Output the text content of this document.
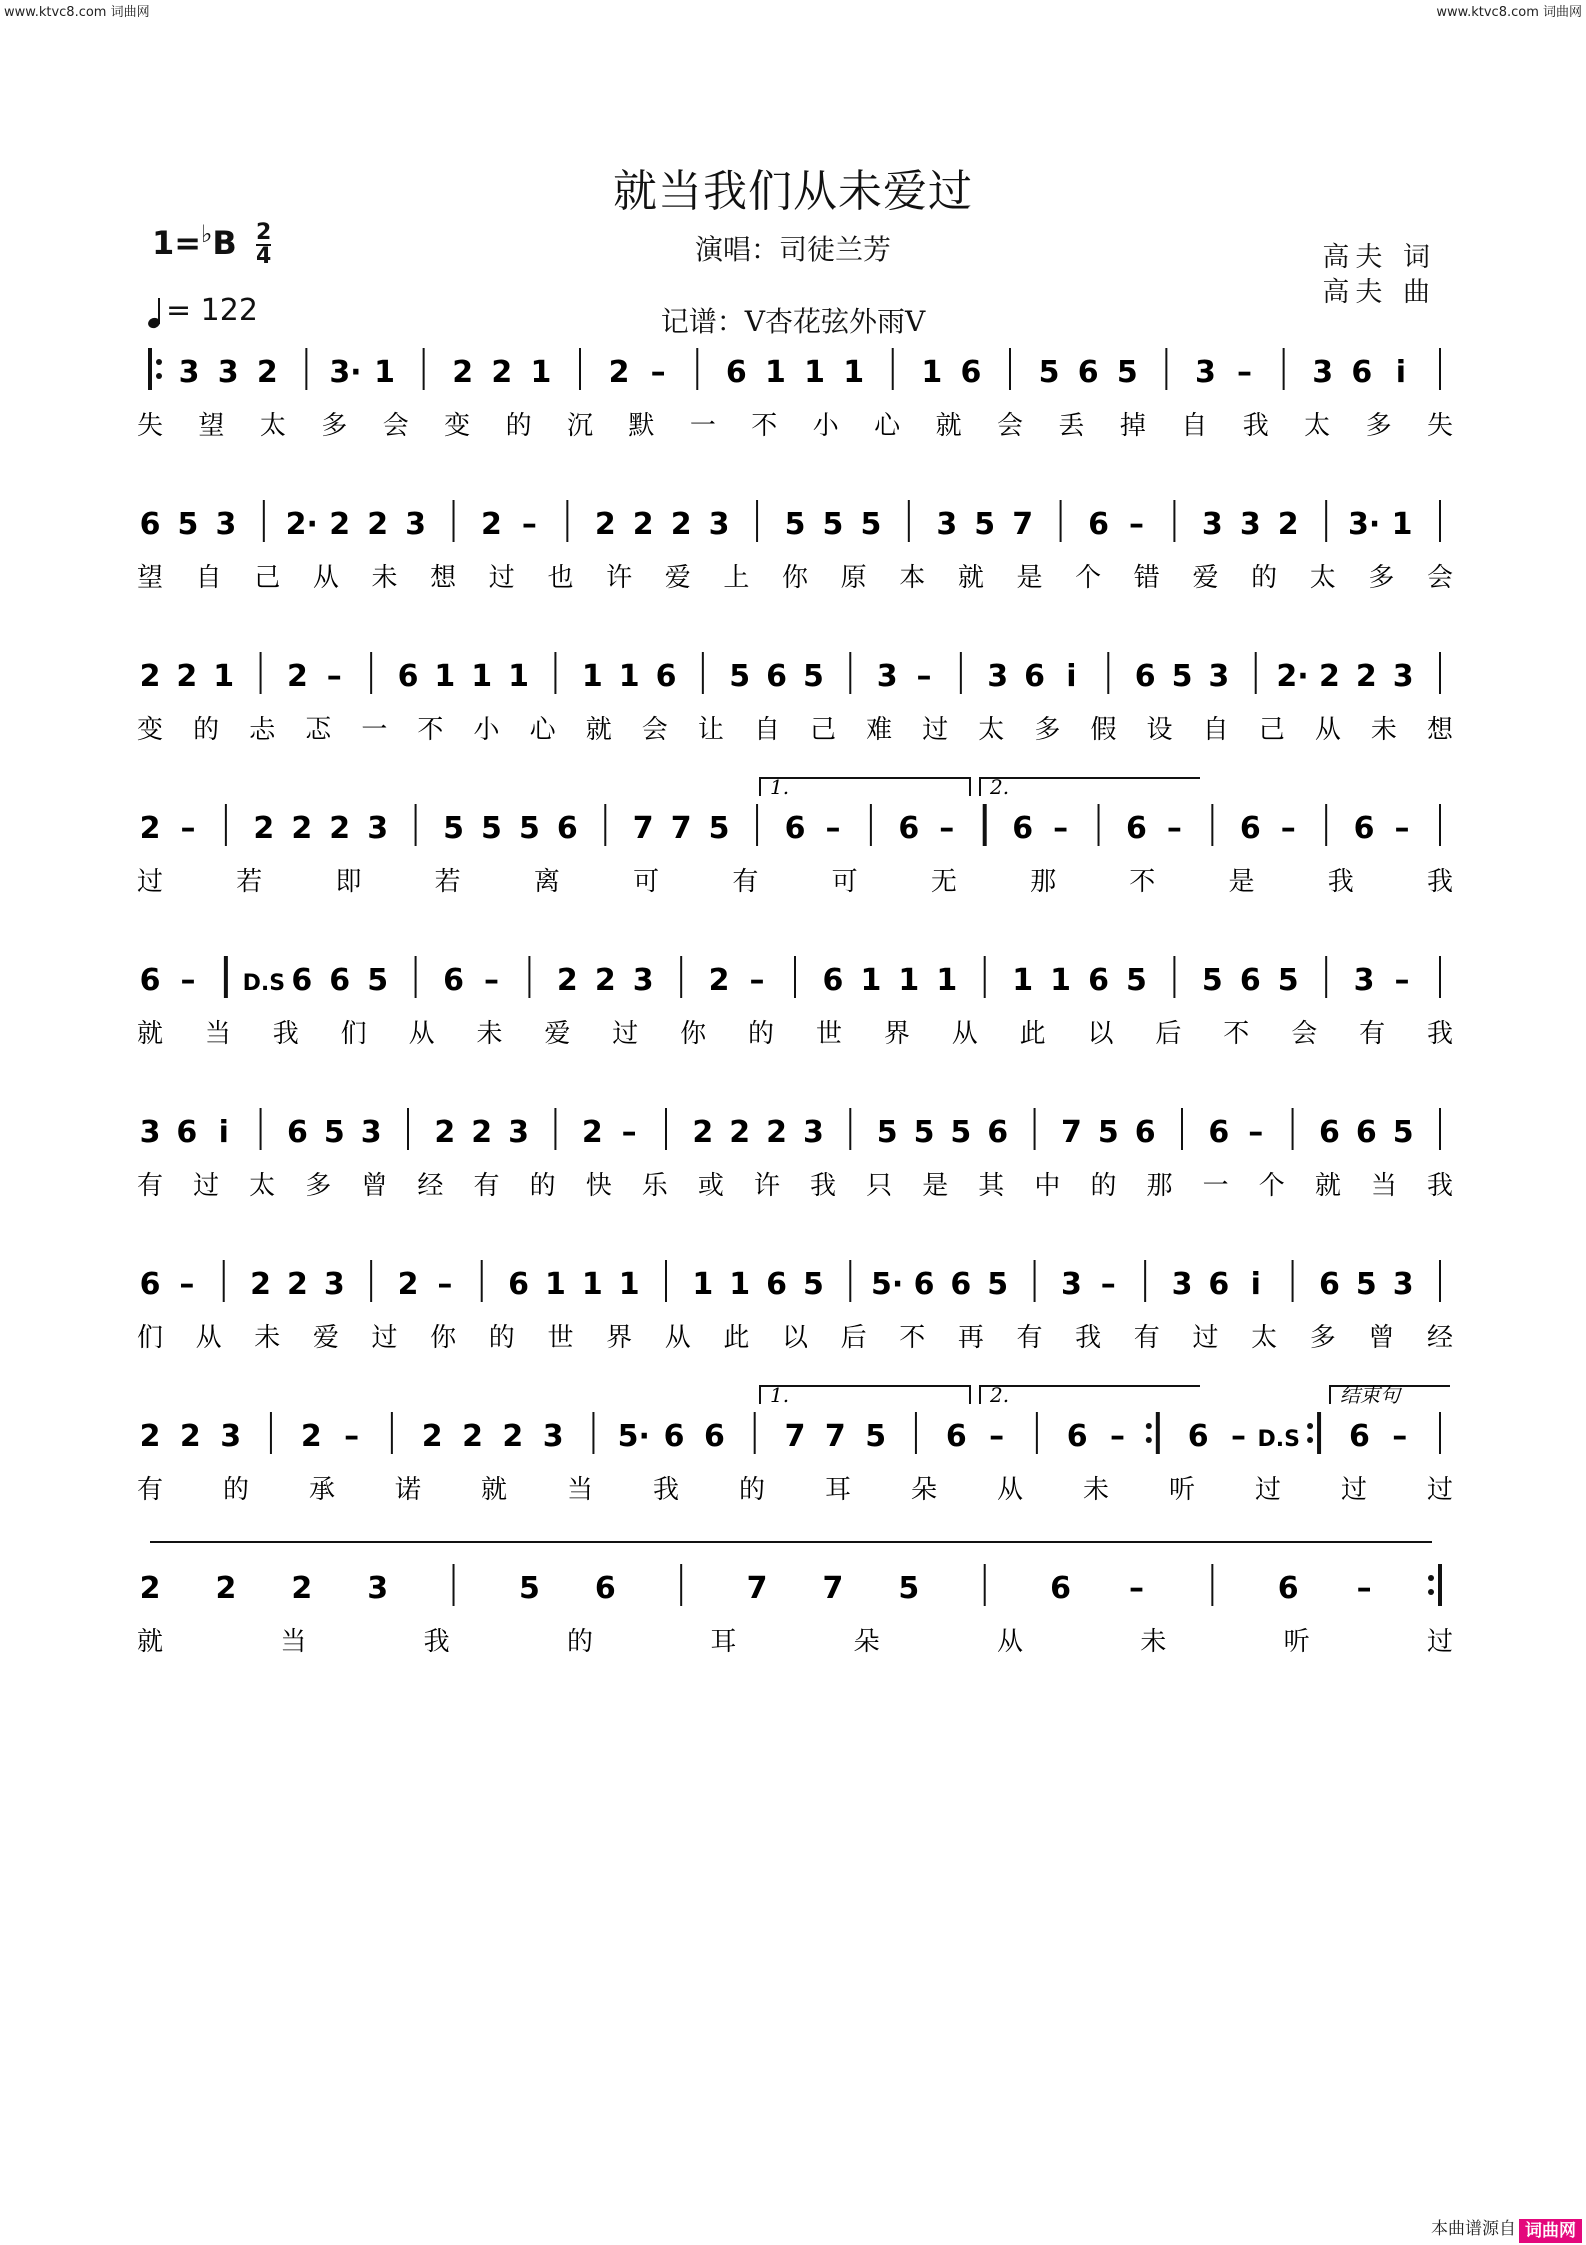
www.ktvc8.com 词曲网	www.ktvc8.com 词曲网
就当我们从未爱过
$1=^♭B \frac{2}{4}$
= 122
演唱：司徒兰芳
记谱：V杏花弦外雨V
高夫 词
高夫 曲
3 3 2 3· 1 2 2 1 2 – 6 1 1 1 1 6 5 6 5 3 – 3 6 i
失 望 太 多 会 变 的 沉 默 一 不 小 心 就 会 丢 掉 自 我 太 多 失
6 5 3 2· 2 2 3 2 – 2 2 2 3 5 5 5 3 5 7 6 – 3 3 2 3· 1
望 自 己 从 未 想 过 也 许 爱 上 你 原 本 就 是 个 错 爱 的 太 多 会
2 2 1 2 – 6 1 1 1 1 1 6 5 6 5 3 – 3 6 i 6 5 3 2· 2 2 3
变 的 忐 忑 一 不 小 心 就 会 让 自 己 难 过 太 多 假 设 自 己 从 未 想
2 – 2 2 2 3 5 5 5 6 7 7 5 6 – 6 – 6 – 6 – 6 – 6 –
过	若	即	若	离	可	有	可	无	那	不	是	我	我
1.	2.
6 – D.S 6 6 5 6 – 2 2 3 2 – 6 1 1 1 1 1 6 5 5 6 5 3 –
就 当 我 们 从 未 爱 过 你 的 世 界 从 此 以 后 不 会 有 我
3 6 i 6 5 3 2 2 3 2 – 2 2 2 3 5 5 5 6 7 5 6 6 – 6 6 5
有 过 太 多 曾 经 有 的 快 乐 或 许 我 只 是 其 中 的 那 一 个 就 当 我
6 – 2 2 3 2 – 6 1 1 1 1 1 6 5 5· 6 6 5 3 – 3 6 i 6 5 3
们 从 未 爱 过 你 的 世 界 从 此 以 后 不 再 有 我 有 过 太 多 曾 经
2 2 3 2 – 2 2 2 3 5· 6 6 7 7 5 6 – 6 – 6 – D.S 6 –
有 的 承 诺 就 当 我 的 耳 朵 从 未 听 过 过 过
1.	2.	结束句
2 2 2 3	5 6	7 7 5	6 –	6 –
就	当	我	的	耳	朵	从	未	听	过
本曲谱源自 词曲网
